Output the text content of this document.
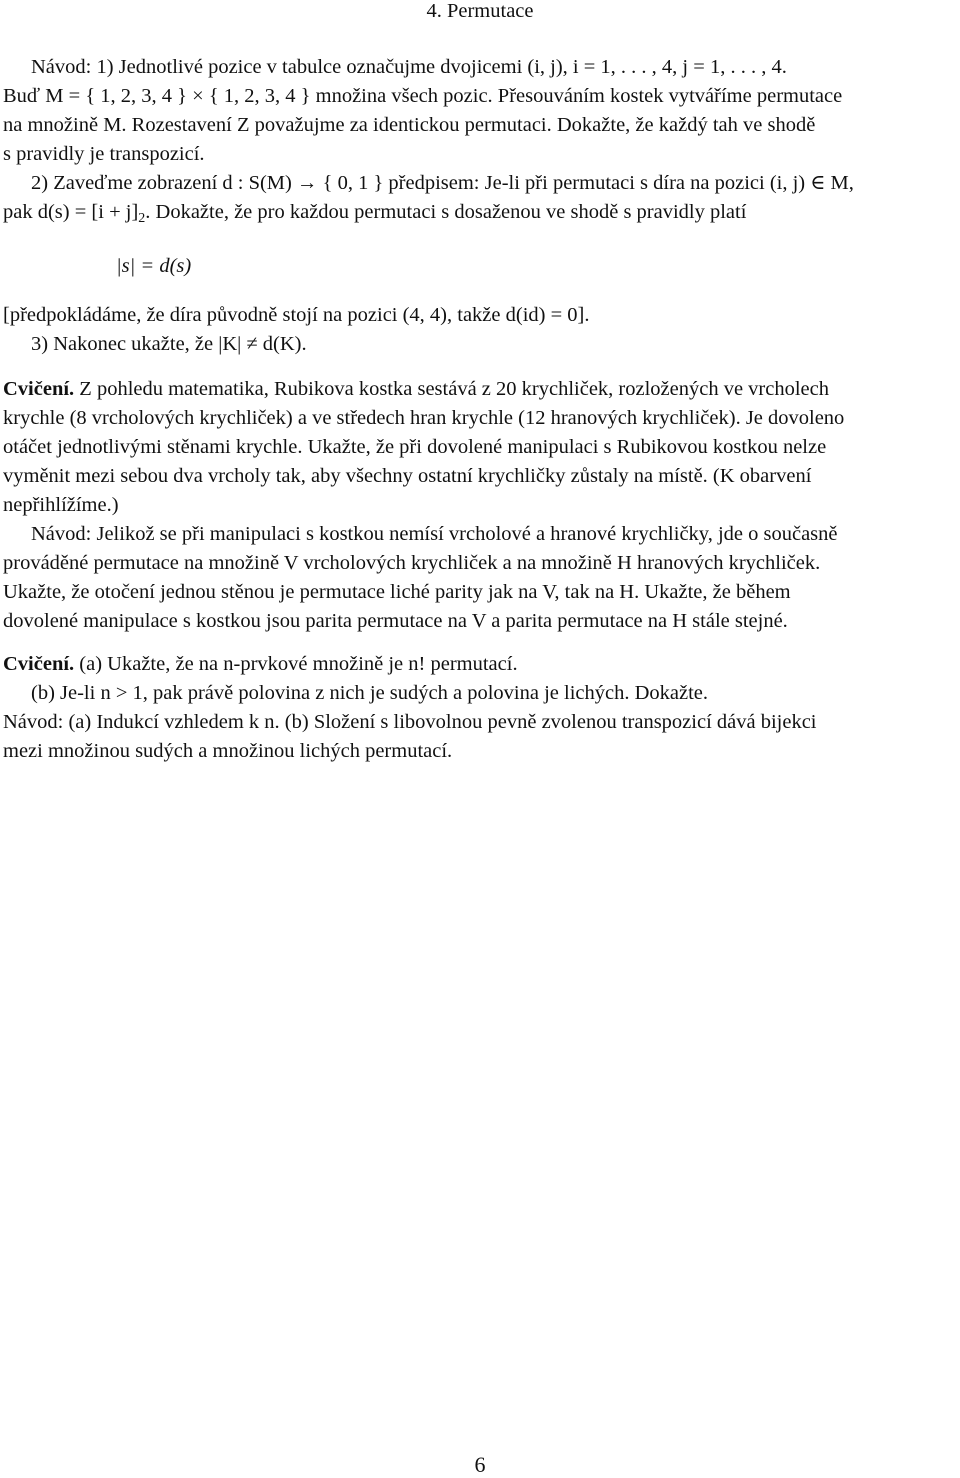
4. Permutace

Návod: 1) Jednotlivé pozice v tabulce označujme dvojicemi (i, j), i = 1, . . . , 4, j = 1, . . . , 4.

Buď M = { 1, 2, 3, 4 } × { 1, 2, 3, 4 } množina všech pozic. Přesouváním kostek vytváříme permutace

na množině M. Rozestavení Z považujme za identickou permutaci. Dokažte, že každý tah ve shodě

s pravidly je transpozicí.

2) Zaveďme zobrazení d : S(M) → { 0, 1 } předpisem: Je-li při permutaci s díra na pozici (i, j) ∈ M,

pak $d(s) = [i + j]_2$. Dokažte, že pro každou permutaci s dosaženou ve shodě s pravidly platí

|s| = d(s)

[předpokládáme, že díra původně stojí na pozici (4, 4), takže d(id) = 0].

3) Nakonec ukažte, že |K| ≠ d(K).

Cvičení. Z pohledu matematika, Rubikova kostka sestává z 20 krychliček, rozložených ve vrcholech

krychle (8 vrcholových krychliček) a ve středech hran krychle (12 hranových krychliček). Je dovoleno

otáčet jednotlivými stěnami krychle. Ukažte, že při dovolené manipulaci s Rubikovou kostkou nelze

vyměnit mezi sebou dva vrcholy tak, aby všechny ostatní krychličky zůstaly na místě. (K obarvení

nepřihlížíme.)

Návod: Jelikož se při manipulaci s kostkou nemísí vrcholové a hranové krychličky, jde o současně

prováděné permutace na množině V vrcholových krychliček a na množině H hranových krychliček.

Ukažte, že otočení jednou stěnou je permutace liché parity jak na V, tak na H. Ukažte, že během

dovolené manipulace s kostkou jsou parita permutace na V a parita permutace na H stále stejné.

Cvičení. (a) Ukažte, že na n-prvkové množině je n! permutací.

(b) Je-li n > 1, pak právě polovina z nich je sudých a polovina je lichých. Dokažte.

Návod: (a) Indukcí vzhledem k n. (b) Složení s libovolnou pevně zvolenou transpozicí dává bijekci

mezi množinou sudých a množinou lichých permutací.

6
